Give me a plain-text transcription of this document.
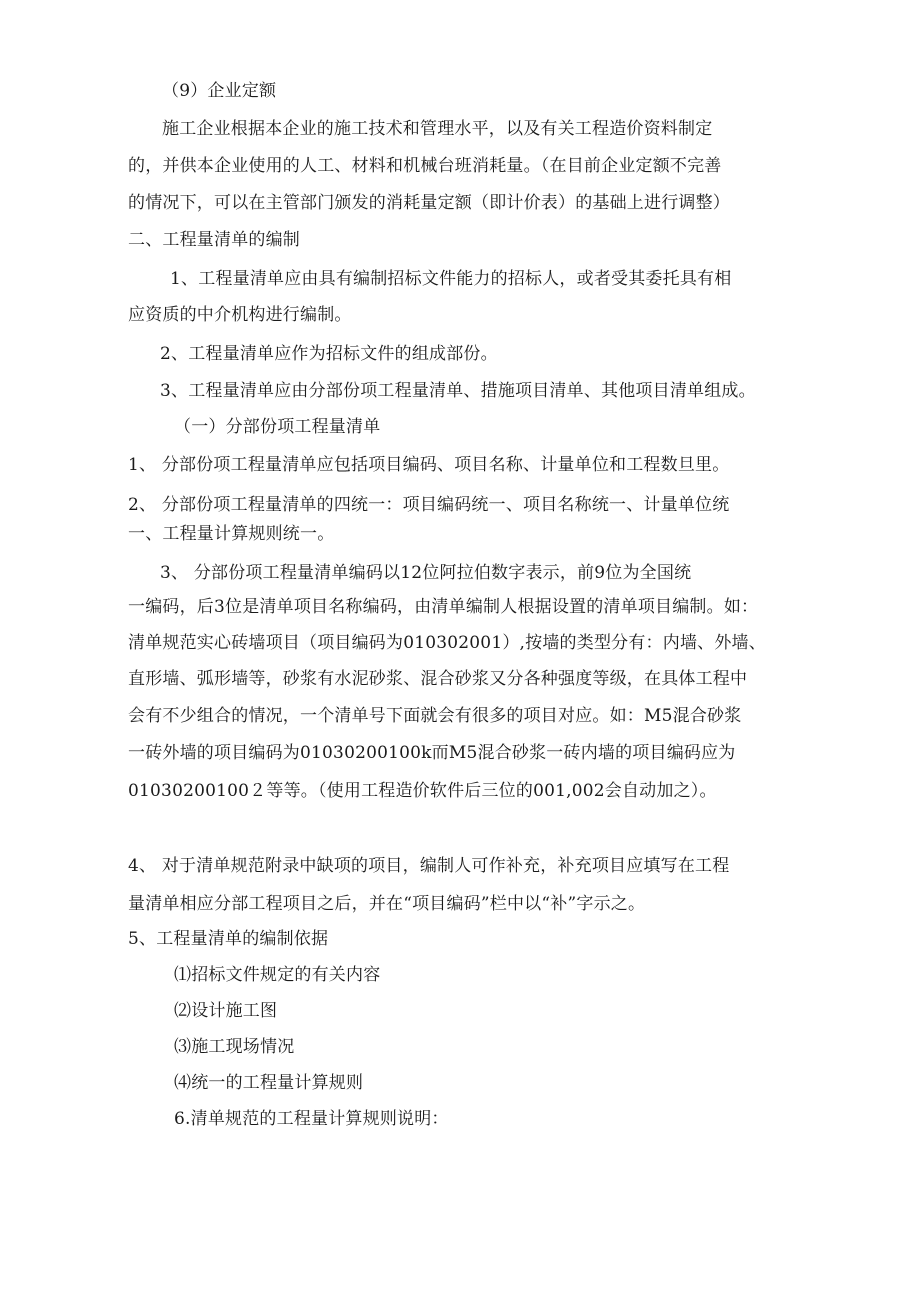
（9）企业定额
施工企业根据本企业的施工技术和管理水平，以及有关工程造价资料制定
的，并供本企业使用的人工、材料和机械台班消耗量。（在目前企业定额不完善
的情况下，可以在主管部门颁发的消耗量定额（即计价表）的基础上进行调整）
二、工程量清单的编制
1、工程量清单应由具有编制招标文件能力的招标人，或者受其委托具有相
应资质的中介机构进行编制。
2、工程量清单应作为招标文件的组成部份。
3、工程量清单应由分部份项工程量清单、措施项目清单、其他项目清单组成。
（一）分部份项工程量清单
1、 分部份项工程量清单应包括项目编码、项目名称、计量单位和工程数旦里。
2、 分部份项工程量清单的四统一：项目编码统一、项目名称统一、计量单位统
一、工程量计算规则统一。
3、 分部份项工程量清单编码以12位阿拉伯数字表示，前9位为全国统
一编码，后3位是清单项目名称编码，由清单编制人根据设置的清单项目编制。如：
清单规范实心砖墙项目（项目编码为010302001）,按墙的类型分有：内墙、外墙、
直形墙、弧形墙等，砂浆有水泥砂浆、混合砂浆又分各种强度等级，在具体工程中
会有不少组合的情况，一个清单号下面就会有很多的项目对应。如：M5混合砂浆
一砖外墙的项目编码为01030200100k而M5混合砂浆一砖内墙的项目编码应为
01030200100２等等。（使用工程造价软件后三位的001,002会自动加之）。
4、 对于清单规范附录中缺项的项目，编制人可作补充，补充项目应填写在工程
量清单相应分部工程项目之后，并在“项目编码”栏中以“补”字示之。
5、工程量清单的编制依据
⑴招标文件规定的有关内容
⑵设计施工图
⑶施工现场情况
⑷统一的工程量计算规则
6.清单规范的工程量计算规则说明：
